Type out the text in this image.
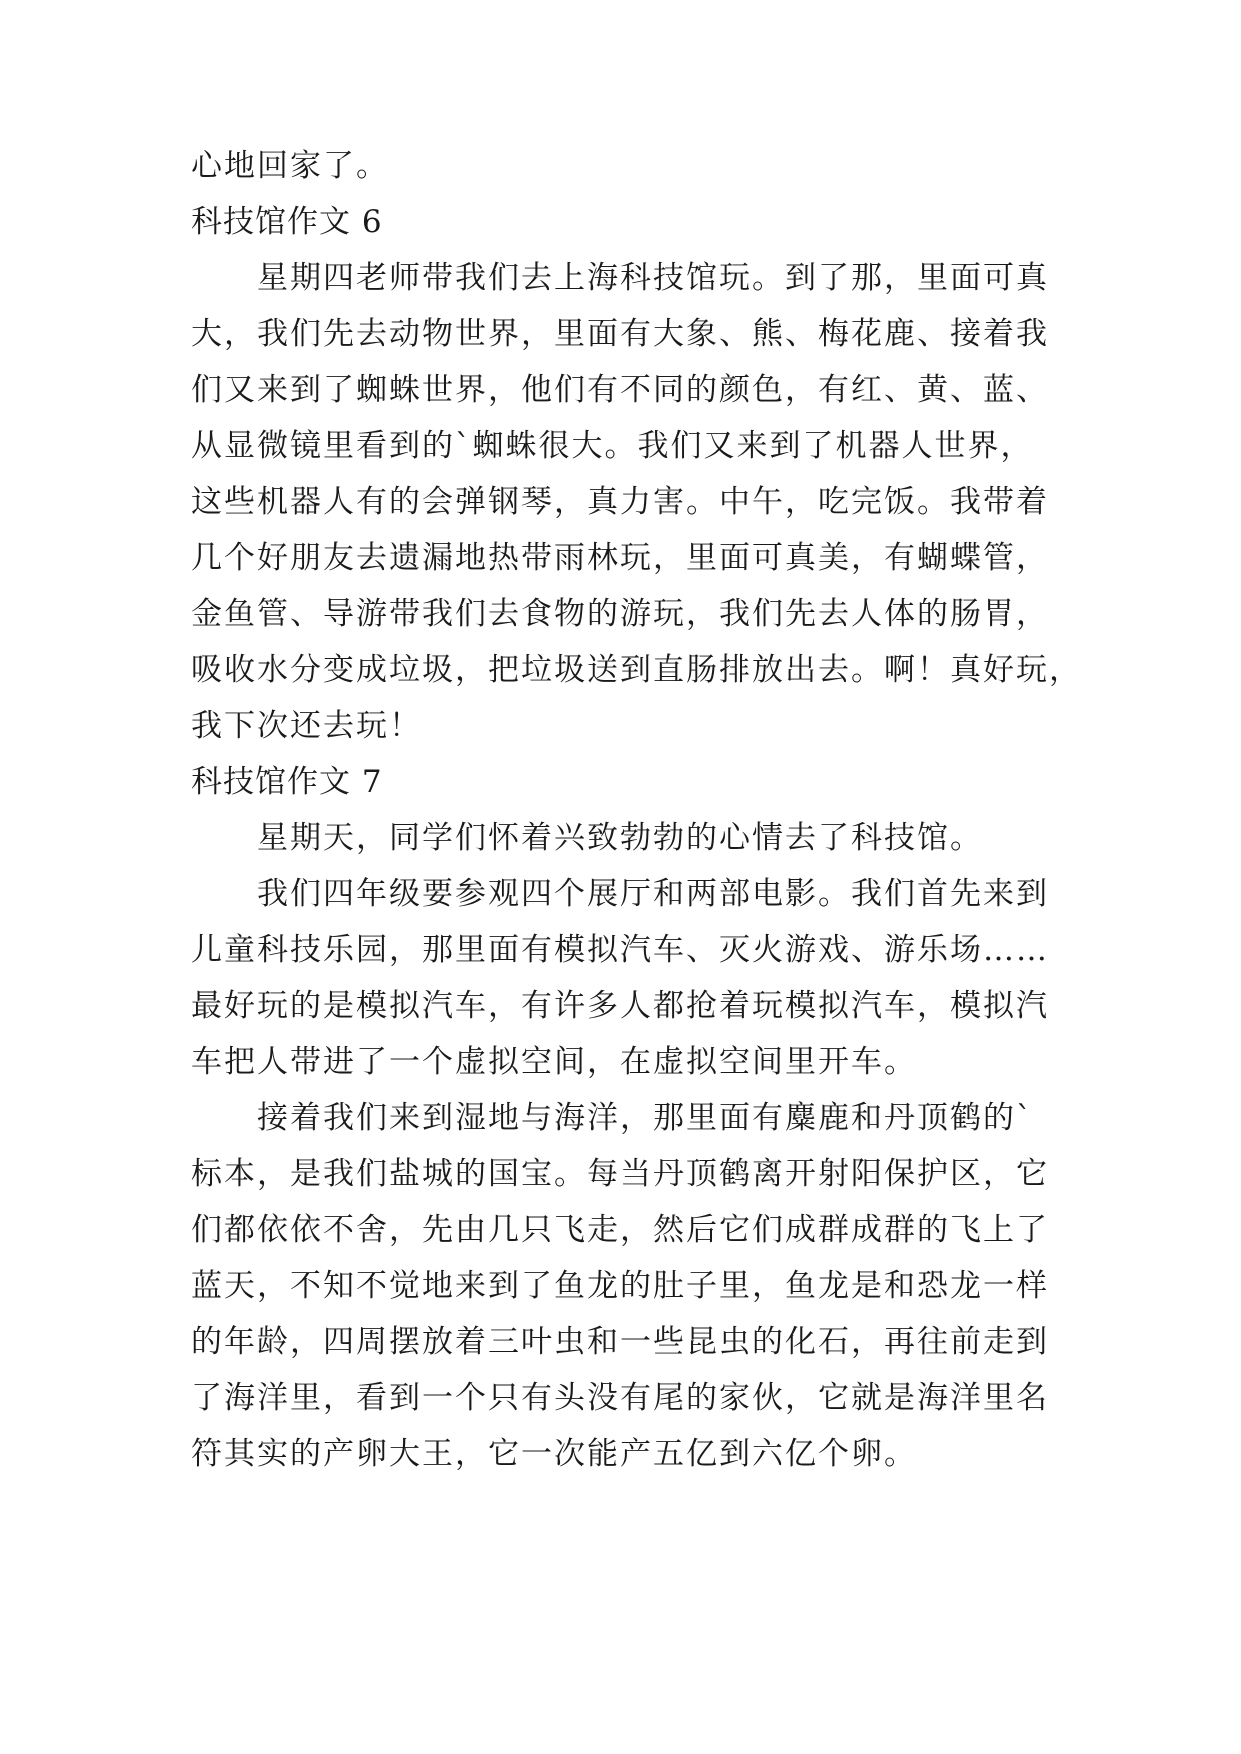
心地回家了。
科技馆作文 6
星期四老师带我们去上海科技馆玩。到了那，里面可真
大，我们先去动物世界，里面有大象、熊、梅花鹿、接着我
们又来到了蜘蛛世界，他们有不同的颜色，有红、黄、蓝、
从显微镜里看到的`蜘蛛很大。我们又来到了机器人世界，
这些机器人有的会弹钢琴，真力害。中午，吃完饭。我带着
几个好朋友去遗漏地热带雨林玩，里面可真美，有蝴蝶管，
金鱼管、导游带我们去食物的游玩，我们先去人体的肠胃，
吸收水分变成垃圾，把垃圾送到直肠排放出去。啊！真好玩，
我下次还去玩！
科技馆作文 7
星期天，同学们怀着兴致勃勃的心情去了科技馆。
我们四年级要参观四个展厅和两部电影。我们首先来到
儿童科技乐园，那里面有模拟汽车、灭火游戏、游乐场……
最好玩的是模拟汽车，有许多人都抢着玩模拟汽车，模拟汽
车把人带进了一个虚拟空间，在虚拟空间里开车。
接着我们来到湿地与海洋，那里面有麋鹿和丹顶鹤的`
标本，是我们盐城的国宝。每当丹顶鹤离开射阳保护区，它
们都依依不舍，先由几只飞走，然后它们成群成群的飞上了
蓝天，不知不觉地来到了鱼龙的肚子里，鱼龙是和恐龙一样
的年龄，四周摆放着三叶虫和一些昆虫的化石，再往前走到
了海洋里，看到一个只有头没有尾的家伙，它就是海洋里名
符其实的产卵大王，它一次能产五亿到六亿个卵。
